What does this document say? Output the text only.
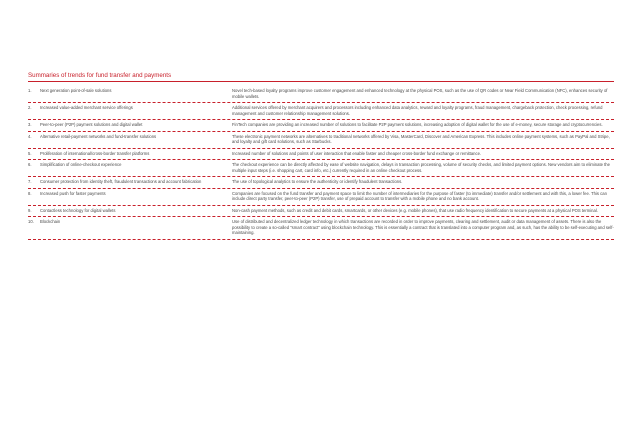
Summaries of trends for fund transfer and payments
1.	Next generation point-of-sale solutions	Novel tech-based loyalty programs improve customer engagement and enhanced technology at the physical POS, such as the use of QR codes or Near Field Communication (NFC), enhances security of mobile wallets.
2.	Increased value-added merchant service offerings	Additional services offered by merchant acquirers and processors including enhanced data analytics, reward and loyalty programs, fraud management, chargeback protection, check processing, refund management and customer relationship management solutions.
3.	Peer-to-peer (P2P) payment solutions and digital wallet	FinTech companies are providing an increased number of solutions to facilitate P2P payment solutions, increasing adoption of digital wallet for the use of e-money, secure storage and cryptocurrencies.
4.	Alternative retail-payment networks and fund-transfer solutions	These electronic payment networks are alternatives to traditional networks offered by Visa, MasterCard, Discover and American Express. This includes online payment systems, such as PayPal and Stripe, and loyalty and gift card solutions, such as Starbucks.
5.	Proliferation of international/cross-border transfer platforms	Increased number of solutions and points of user interaction that enable faster and cheaper cross-border fund exchange or remittance.
6.	Simplification of online-checkout experience	The checkout experience can be directly affected by ease of website navigation, delays in transaction processing, volume of security checks, and limited payment options. New vendors aim to eliminate the multiple input steps (i.e. shopping cart, card info, etc.) currently required in an online checkout process.
7.	Consumer protection from identity theft, fraudulent transactions and account fabrication	The use of topological analytics to ensure the authenticity or identify fraudulent transactions.
8.	Increased push for faster payments	Companies are focused on the fund transfer and payment space to limit the number of intermediaries for the purpose of faster (to immediate) transfer and/or settlement and with this, a lower fee. This can include direct party transfer, peer-to-peer (P2P) transfer, use of prepaid account to transfer with a mobile phone and no bank account.
9.	Contactless technology for digital wallets	Non-cash payment methods, such as credit and debit cards, smartcards, or other devices (e.g. mobile phones), that use radio frequency identification to secure payments at a physical POS terminal.
10.	Blockchain	Use of distributed and decentralized ledger technology in which transactions are recorded in order to improve payments, clearing and settlement, audit or data management of assets. There is also the possibility to create a so-called "smart contract" using blockchain technology. This is essentially a contract that is translated into a computer program and, as such, has the ability to be self-executing and self-maintaining.
